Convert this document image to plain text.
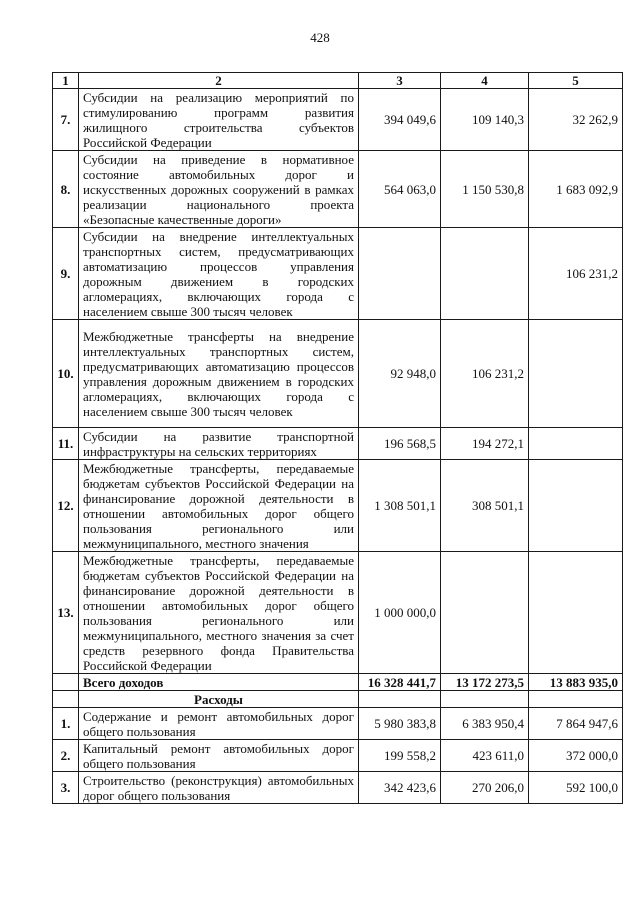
428
1	2	3	4	5
7.	Субсидии на реализацию мероприятий по стимулированию программ развития жилищного строительства субъектов Российской Федерации	394 049,6	109 140,3	32 262,9
8.	Субсидии на приведение в нормативное состояние автомобильных дорог и искусственных дорожных сооружений в рамках реализации национального проекта «Безопасные качественные дороги»	564 063,0	1 150 530,8	1 683 092,9
9.	Субсидии на внедрение интеллектуальных транспортных систем, предусматривающих автоматизацию процессов управления дорожным движением в городских агломерациях, включающих города с населением свыше 300 тысяч человек			106 231,2
10.	Межбюджетные трансферты на внедрение интеллектуальных транспортных систем, предусматривающих автоматизацию процессов управления дорожным движением в городских агломерациях, включающих города с населением свыше 300 тысяч человек	92 948,0	106 231,2	
11.	Субсидии на развитие транспортной инфраструктуры на сельских территориях	196 568,5	194 272,1	
12.	Межбюджетные трансферты, передаваемые бюджетам субъектов Российской Федерации на финансирование дорожной деятельности в отношении автомобильных дорог общего пользования регионального или межмуниципального, местного значения	1 308 501,1	308 501,1	
13.	Межбюджетные трансферты, передаваемые бюджетам субъектов Российской Федерации на финансирование дорожной деятельности в отношении автомобильных дорог общего пользования регионального или межмуниципального, местного значения за счет средств резервного фонда Правительства Российской Федерации	1 000 000,0		
	Всего доходов	16 328 441,7	13 172 273,5	13 883 935,0
	Расходы			
1.	Содержание и ремонт автомобильных дорог общего пользования	5 980 383,8	6 383 950,4	7 864 947,6
2.	Капитальный ремонт автомобильных дорог общего пользования	199 558,2	423 611,0	372 000,0
3.	Строительство (реконструкция) автомобильных дорог общего пользования	342 423,6	270 206,0	592 100,0
